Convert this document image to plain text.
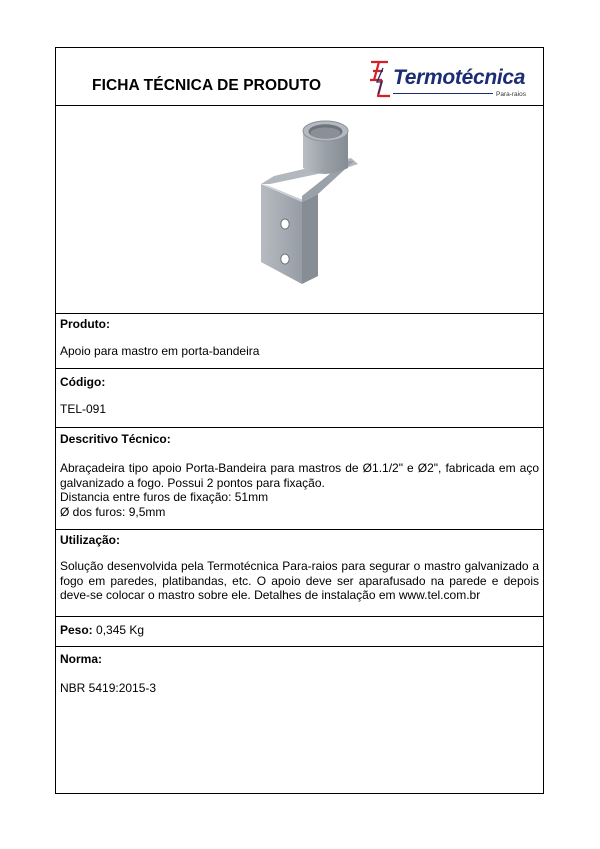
FICHA TÉCNICA DE PRODUTO	Termotécnica
Para-raios
Produto:
Apoio para mastro em porta-bandeira
Código:
TEL-091
Descritivo Técnico:
Abraçadeira tipo apoio Porta-Bandeira para mastros de Ø1.1/2" e Ø2", fabricada em aço galvanizado a fogo. Possui 2 pontos para fixação.
Distancia entre furos de fixação: 51mm
Ø dos furos: 9,5mm
Utilização:
Solução desenvolvida pela Termotécnica Para-raios para segurar o mastro galvanizado a fogo em paredes, platibandas, etc. O apoio deve ser aparafusado na parede e depois deve-se colocar o mastro sobre ele. Detalhes de instalação em www.tel.com.br
Peso: 0,345 Kg
Norma:
NBR 5419:2015-3
